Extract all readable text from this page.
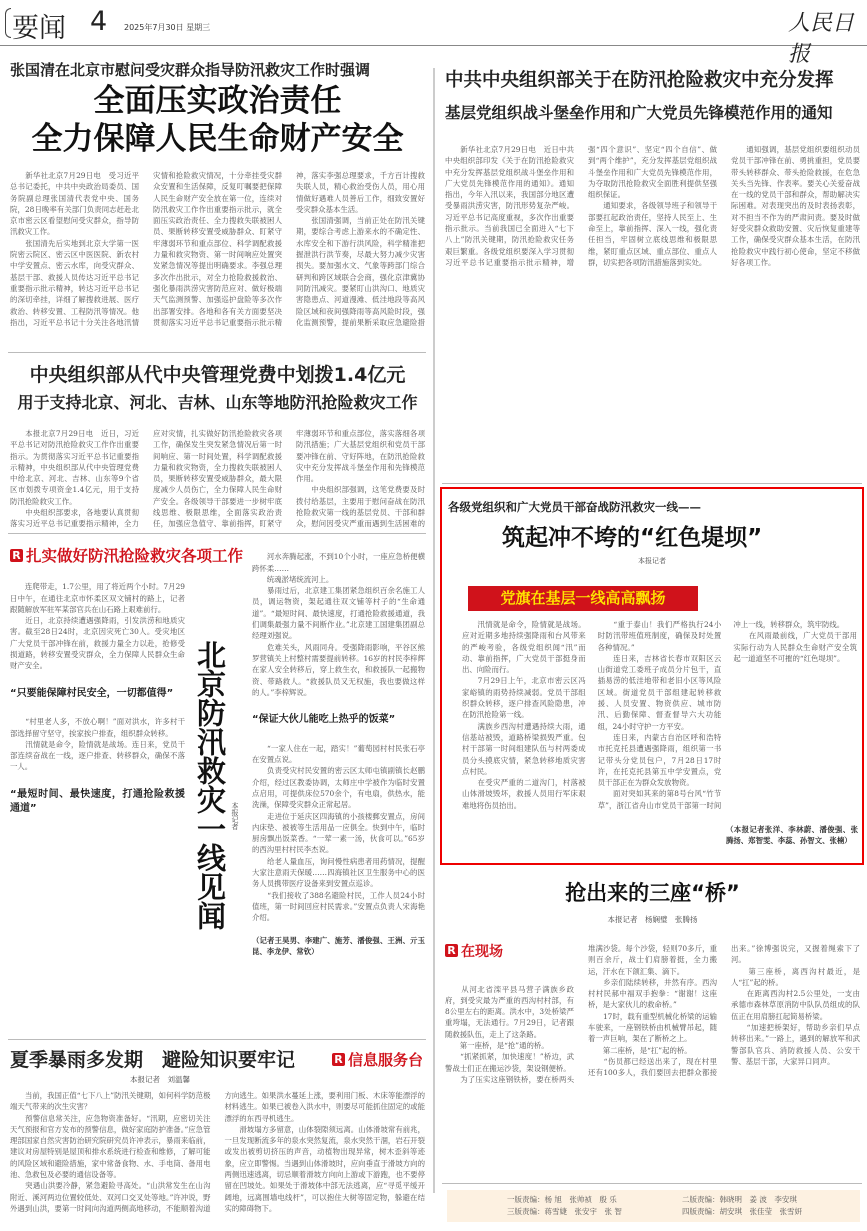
要闻 4 2025年7月30日 星期三	人民日报
张国清在北京市慰问受灾群众指导防汛救灾工作时强调
全面压实政治责任
全力保障人民生命财产安全
　　新华社北京7月29日电　受习近平总书记委托，中共中央政治局委员、国务院副总理张国清代表党中央、国务院，28日晚率有关部门负责同志赶赴北京市密云区看望慰问受灾群众，指导防汛救灾工作。
　　张国清先后实地到北京大学第一医院密云院区、密云区中医医院、新农村中学安置点、密云水库，向受灾群众、基层干部、救援人员传达习近平总书记重要指示批示精神，转达习近平总书记的深切牵挂，详细了解搜救进展、医疗救治、转移安置、工程防汛等情况。他指出，习近平总书记十分关注各地汛情灾情和抢险救灾情况，十分牵挂受灾群众安置和生活保障，反复叮嘱要把保障人民生命财产安全放在第一位，连续对防汛救灾工作作出重要指示批示，就全面压实政治责任、全力搜救失联被困人员、果断转移安置受威胁群众、盯紧守牢薄弱环节和重点部位、科学调配救援力量和救灾物资、第一时间响应处置突发紧急情况等提出明确要求。李强总理多次作出批示，对全力抢险救援救治、强化暴雨洪涝灾害防范应对、做好极端天气监测预警、加强巡护盘险等多次作出部署安排。各地和各有关方面要坚决贯彻落实习近平总书记重要指示批示精神，落实李强总理要求，千方百计搜救失联人员，精心救治受伤人员，用心用情做好遇难人员善后工作，细致安置好受灾群众基本生活。
　　张国清强调，当前正处在防汛关键期，要综合考虑上游来水的不确定性、水库安全和下游行洪风险，科学精准把握泄洪行洪节奏，尽最大努力减少灾害损失。要加强水文、气象等跨部门综合研判和跨区域联合会商，强化京津冀协同防汛减灾。要紧盯山洪沟口、地质灾害隐患点、河道漫滩、低洼地段等高风险区域和夜间强降雨等高风险时段，强化监测预警，提前果断采取应急避险措
中央组织部从代中央管理党费中划拨1.4亿元
用于支持北京、河北、吉林、山东等地防汛抢险救灾工作
　　本报北京7月29日电　近日，习近平总书记对防汛抢险救灾工作作出重要指示。为贯彻落实习近平总书记重要指示精神，中央组织部从代中央管理党费中给北京、河北、吉林、山东等9个省区市划拨专项资金1.4亿元，用于支持防汛抢险救灾工作。
　　中央组织部要求，各地要认真贯彻落实习近平总书记重要指示精神，全力应对灾情，扎实做好防汛抢险救灾各项工作，确保发生突发紧急情况后第一时间响应、第一时间处置，科学调配救援力量和救灾物资，全力搜救失联被困人员，果断转移安置受威胁群众，最大限度减少人员伤亡，全力保障人民生命财产安全。各级领导干部要进一步树牢底线思维、极限思维，全面落实政治责任，加强应急值守、靠前指挥，盯紧守牢薄弱环节和重点部位，落实落细各项防汛措施；广大基层党组织和党员干部要冲锋在前、守好阵地，在防汛抢险救灾中充分发挥战斗堡垒作用和先锋模范作用。
　　中央组织部强调，这笔党费要及时拨付给基层，主要用于慰问奋战在防汛抢险救灾第一线的基层党员、干部和群众，慰问因受灾严重而遇到生活困难的
R 扎实做好防汛抢险救灾各项工作

　　连爬带走，1.7公里，用了将近两个小时。7月29日中午，在通往北京市怀柔区双文铺村的路上，记者跟随解放军驻军某部官兵在山石路上艰难前行。
　　近日，北京持续遭遇强降雨，引发洪涝和地质灾害。截至28日24时，北京因灾死亡30人。受灾地区广大党员干部冲锋在前，救援力量全力以赴，抢修受损道路，转移安置受灾群众，全力保障人民群众生命财产安全。

“只要能保障村民安全，一切都值得”

　　“村里老人多，不放心啊！”面对洪水，许多村干部选择留守坚守，挨家挨户排查，组织群众转移。
　　汛情就是命令，险情就是战场。连日来，党员干部连续奋战在一线，逐户排查、转移群众，确保不落一人。

“最短时间、最快速度，打通抢险救援通道”	北京防汛救灾一线见闻 本报记者

　　河水奔腾起涨，不到10个小时，一座应急桥便横跨怀柔……
　　统魂淤堵统流河上。
　　暴雨过后，北京建工集团紧急组织百余名施工人员，调运物资，架起通往双文铺等村子的“生命通道”。“最短时间、最快速度，打通抢险救援通道，我们调集最强力量不间断作业。”北京建工国建集团副总经理刘强说。
　　危难关头，风雨同舟。受强降雨影响，平谷区熊罗营镇关上村整村需要提前转移。16岁的村民李梓辉在家人安全转移后，穿上救生衣，和救援队一起搬物资、带路救人。“救援队员又无权施，我也要做这样的人。”李梓辉说。

“保证大伙儿能吃上热乎的饭菜”

　　“一家人住在一起，踏实！”葡萄园村村民张石亭在安置点说。
　　负责受灾村民安置的密云区太师屯镇副镇长赵鹏介绍，经过区教委协调，太师庄中学被作为临时安置点启用，可提供床位570余个，有电扇，供热水，能洗澡，保障受灾群众正常起居。
　　走进位于延庆区四海镇的小孩楼郵安置点，房间内床垫、被被等生活用品一应俱全。快到中午，临时厨房飘出饭菜香。“一荤一素一汤，伙食可以。”65岁的西沟里村村民李杰说。
　　给老人量血压，询问慢性病患者用药情况，提醒大家注意雨天保暖……四海镇社区卫生服务中心的医务人员携带医疗设备来到安置点巡诊。
　　“我们接收了388名避险村民，工作人员24小时值班，第一时间回应村民需求。”安置点负责人宋海艳介绍。

（记者王昊男、李建广、施芳、潘俊强、王洲、亓玉昆、李龙伊、常钦）

夏季暴雨多发期　避险知识要牢记	R 信息服务台
本报记者　刘温馨
　　当前，我国正值“七下八上”防汛关键期，如何科学防范极端天气带来的次生灾害？
　　预警信息常关注，应急物资准备好。“汛期，应密切关注天气预报和官方发布的预警信息，做好家庭防护准备。”应急管理部国家自然灾害防治研究院研究员许冲表示，暴雨来临前，建议对房屋特别是屋顶和排水系统进行检查和维修，了解可能的风险区域和避险措施，家中常备食物、水、手电筒、备用电池、急救包及必要的通信设备等。
　　突遇山洪要冷静，紧急避险寻高处。“山洪常发生在山沟附近、溪河两边位置较低处、双河口交叉处等地。”许冲说，野外遇到山洪，要第一时间向沟道两侧高地移动，不能顺着沟道方向逃生。如果洪水蔓延上涨，要利用门板、木床等能漂浮的材料逃生。如果已被卷入洪水中，则要尽可能抓住固定的或能漂浮的东西寻机逃生。
　　滑坡塌方多留意，山体裂隙须远离。山体滑坡常有前兆，一旦发现断流多年的泉水突然复流，泉水突然干涸，岩石开裂或发出被剪切挤压的声音，动植物出现异常，树木歪斜等迹象，应立即警惕。当遇到山体滑坡时，应向垂直于滑坡方向的两侧迅速逃离，切忌顺着滑坡方向向上游或下游跑，也不要停留在凹坡处。如果处于滑坡体中部无法逃离，应“寻觅平缓开阔地，远离围墙电线杆”，可以抱住大树等固定物，躲避在结实的障碍物下。
中共中央组织部关于在防汛抢险救灾中充分发挥
基层党组织战斗堡垒作用和广大党员先锋模范作用的通知
　　新华社北京7月29日电　近日中共中央组织部印发《关于在防汛抢险救灾中充分发挥基层党组织战斗堡垒作用和广大党员先锋模范作用的通知》。通知指出，今年入汛以来，我国部分地区遭受暴雨洪涝灾害，防汛形势复杂严峻。习近平总书记高度重视，多次作出重要指示批示。当前我国已全面进入“七下八上”防汛关键期，防汛抢险救灾任务艰巨繁重。各级党组织要深入学习贯彻习近平总书记重要指示批示精神，增强“四个意识”、坚定“四个自信”、做到“两个维护”，充分发挥基层党组织战斗堡垒作用和广大党员先锋模范作用，为夺取防汛抢险救灾全面胜利提供坚强组织保证。
　　通知要求，各级领导班子和领导干部要扛起政治责任，坚持人民至上、生命至上，靠前指挥、深入一线，强化责任担当，牢固树立底线思维和极限思维，紧盯重点区域、重点部位、重点人群，切实把各项防汛措施落到实处。
　　通知强调，基层党组织要组织动员党员干部冲锋在前、勇挑重担，党员要带头转移群众、带头抢险救援，在危急关头当先锋、作表率。要关心关爱奋战在一线的党员干部和群众，帮助解决实际困难。对表现突出的及时表扬表彰，对不担当不作为的严肃问责。要及时做好受灾群众救助安置、灾后恢复重建等工作，确保受灾群众基本生活，在防汛抢险救灾中践行初心使命，坚定不移做好各项工作。
各级党组织和广大党员干部奋战防汛救灾一线——
筑起冲不垮的“红色堤坝”
本报记者
党旗在基层一线高高飘扬
　　汛情就是命令，险情就是战场。应对近期多地持续强降雨和台风带来的严峻考验，各级党组织闻“汛”而动、靠前指挥，广大党员干部挺身而出、向险而行。
　　7月29日上午，北京市密云区冯家峪镇的雨势持续减弱。党员干部组织群众转移，逐户排查风险隐患，冲在防汛抢险第一线。
　　满族乡西沟村遭遇持续大雨，通信基站被毁，道路桥梁损毁严重。包村干部第一时间组建队伍与村两委成员分头摸底灾情，紧急转移地质灾害点村民。
　　在受灾严重的二道沟门，村落被山体滑坡毁坏，救援人员用行军床艰难地将伤员抬出。
　　“重于泰山！我们严格执行24小时防汛带班值班制度，确保及时处置各种情况。”
　　连日来，吉林省长春市双阳区云山街道党工委班子成员分片包干，直插易涝的低洼地带和老旧小区等风险区域。街道党员干部组建起转移救援、人员安置、物资供应、城市防汛、后勤保障、督查督导六大功能组，24小时守护一方平安。
　　连日来，内蒙古自治区呼和浩特市托克托县遭遇强降雨，组织第一书记带头分党员包户，7月28日17时许，在托克托县第五中学安置点，党员干部正在为群众发放物资。
　　面对突如其来的第8号台风“竹节草”，浙江省舟山市党员干部第一时间冲上一线，转移群众，筑牢防线。
　　在风雨最前线，广大党员干部用实际行动为人民群众生命财产安全筑起一道道坚不可摧的“红色堤坝”。
（本报记者张洋、李林蔚、潘俊强、张腾扬、郑智雯、李蕊、孙智文、张楠）
抢出来的三座“桥”
本报记者　杨娴璧　张腾扬
R 在现场

　　从河北省滦平县马营子满族乡政府，到受灾最为严重的西沟村村部，有8公里左右的距离。洪水中，3处桥梁严重垮塌，无法通行。7月29日，记者跟随救援队伍，走上了这条路。
　　第一座桥，是“抢”通的桥。
　　“抓紧抓紧，加快速度！”桥边，武警战士们正在搬运沙袋，架设钢便桥。
　　为了压实这座钢铁桥，要在桥两头堆满沙袋。每个沙袋，轻则70多斤，重则百余斤，战士们肩膀着挺，全力搬运，汗水在下颌汇集、滴下。
　　乡亲们陆续转移，井然有序。西沟村村民郝中福双手抱拳：“谢谢！这座桥，是大家伙儿的救命桥。”
　　17时，载有重型机械化桥梁的运输车驶来，一座钢铁桥由机械臂吊起，随着一声巨响，架在了断桥之上。
　　第二座桥，是“扛”起的桥。
　　“伤员都已经送出来了，现在村里还有100多人，我们要回去把群众都接出来。”徐博强说完，又握着绳索下了河。
　　第三座桥，离西沟村最近，是人“扛”起的桥。
　　在距离西沟村2.5公里处，一支由承德市森林草原消防中队队员组成的队伍正在用肩膀扛起简易桥梁。
　　“加速把桥架好，帮助乡亲们早点转移出来。”一路上，遇到的解放军和武警部队官兵、消防救援人员、公安干警、基层干部，大家异口同声。

一版责编：杨 旭　张帅祯　殷 乐	二版责编：韩晓明　姜 波　李安琪
三版责编：蒋雪婕　张安宇　张 智	四版责编：胡安琪　张佳莹　张雪妍
